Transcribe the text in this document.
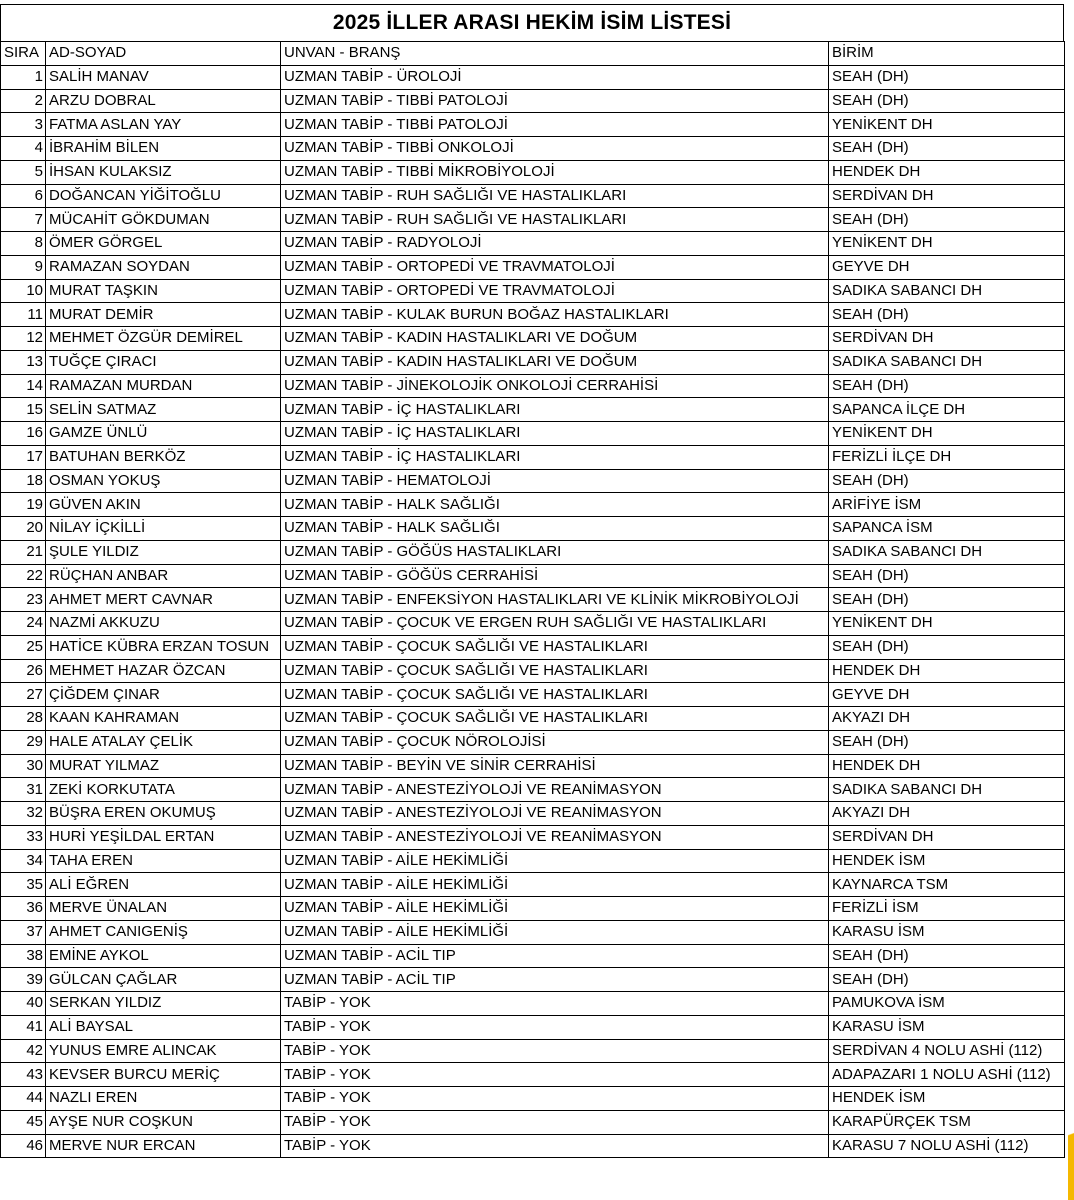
2025 İLLER ARASI HEKİM İSİM LİSTESİ
SIRA	AD-SOYAD	UNVAN - BRANŞ	BİRİM
1	SALİH MANAV	UZMAN TABİP - ÜROLOJİ	SEAH (DH)
2	ARZU DOBRAL	UZMAN TABİP - TIBBİ PATOLOJİ	SEAH (DH)
3	FATMA ASLAN YAY	UZMAN TABİP - TIBBİ PATOLOJİ	YENİKENT DH
4	İBRAHİM BİLEN	UZMAN TABİP - TIBBİ ONKOLOJİ	SEAH (DH)
5	İHSAN KULAKSIZ	UZMAN TABİP - TIBBİ MİKROBİYOLOJİ	HENDEK DH
6	DOĞANCAN YİĞİTOĞLU	UZMAN TABİP - RUH SAĞLIĞI VE HASTALIKLARI	SERDİVAN DH
7	MÜCAHİT GÖKDUMAN	UZMAN TABİP - RUH SAĞLIĞI VE HASTALIKLARI	SEAH (DH)
8	ÖMER GÖRGEL	UZMAN TABİP - RADYOLOJİ	YENİKENT DH
9	RAMAZAN SOYDAN	UZMAN TABİP - ORTOPEDİ VE TRAVMATOLOJİ	GEYVE DH
10	MURAT TAŞKIN	UZMAN TABİP - ORTOPEDİ VE TRAVMATOLOJİ	SADIKA SABANCI DH
11	MURAT DEMİR	UZMAN TABİP - KULAK BURUN BOĞAZ HASTALIKLARI	SEAH (DH)
12	MEHMET ÖZGÜR DEMİREL	UZMAN TABİP - KADIN HASTALIKLARI VE DOĞUM	SERDİVAN DH
13	TUĞÇE ÇIRACI	UZMAN TABİP - KADIN HASTALIKLARI VE DOĞUM	SADIKA SABANCI DH
14	RAMAZAN MURDAN	UZMAN TABİP - JİNEKOLOJİK ONKOLOJİ CERRAHİSİ	SEAH (DH)
15	SELİN SATMAZ	UZMAN TABİP - İÇ HASTALIKLARI	SAPANCA İLÇE DH
16	GAMZE ÜNLÜ	UZMAN TABİP - İÇ HASTALIKLARI	YENİKENT DH
17	BATUHAN BERKÖZ	UZMAN TABİP - İÇ HASTALIKLARI	FERİZLİ İLÇE DH
18	OSMAN YOKUŞ	UZMAN TABİP - HEMATOLOJİ	SEAH (DH)
19	GÜVEN AKIN	UZMAN TABİP - HALK SAĞLIĞI	ARİFİYE İSM
20	NİLAY İÇKİLLİ	UZMAN TABİP - HALK SAĞLIĞI	SAPANCA İSM
21	ŞULE YILDIZ	UZMAN TABİP - GÖĞÜS HASTALIKLARI	SADIKA SABANCI DH
22	RÜÇHAN ANBAR	UZMAN TABİP - GÖĞÜS CERRAHİSİ	SEAH (DH)
23	AHMET MERT CAVNAR	UZMAN TABİP - ENFEKSİYON HASTALIKLARI VE KLİNİK MİKROBİYOLOJİ	SEAH (DH)
24	NAZMİ AKKUZU	UZMAN TABİP - ÇOCUK VE ERGEN RUH SAĞLIĞI VE HASTALIKLARI	YENİKENT DH
25	HATİCE KÜBRA ERZAN TOSUN	UZMAN TABİP - ÇOCUK SAĞLIĞI VE HASTALIKLARI	SEAH (DH)
26	MEHMET HAZAR ÖZCAN	UZMAN TABİP - ÇOCUK SAĞLIĞI VE HASTALIKLARI	HENDEK DH
27	ÇİĞDEM ÇINAR	UZMAN TABİP - ÇOCUK SAĞLIĞI VE HASTALIKLARI	GEYVE DH
28	KAAN KAHRAMAN	UZMAN TABİP - ÇOCUK SAĞLIĞI VE HASTALIKLARI	AKYAZI DH
29	HALE ATALAY ÇELİK	UZMAN TABİP - ÇOCUK NÖROLOJİSİ	SEAH (DH)
30	MURAT YILMAZ	UZMAN TABİP - BEYİN VE SİNİR CERRAHİSİ	HENDEK DH
31	ZEKİ KORKUTATA	UZMAN TABİP - ANESTEZİYOLOJİ VE REANİMASYON	SADIKA SABANCI DH
32	BÜŞRA EREN OKUMUŞ	UZMAN TABİP - ANESTEZİYOLOJİ VE REANİMASYON	AKYAZI DH
33	HURİ YEŞİLDAL ERTAN	UZMAN TABİP - ANESTEZİYOLOJİ VE REANİMASYON	SERDİVAN DH
34	TAHA EREN	UZMAN TABİP - AİLE HEKİMLİĞİ	HENDEK İSM
35	ALİ EĞREN	UZMAN TABİP - AİLE HEKİMLİĞİ	KAYNARCA TSM
36	MERVE ÜNALAN	UZMAN TABİP - AİLE HEKİMLİĞİ	FERİZLİ İSM
37	AHMET CANIGENİŞ	UZMAN TABİP - AİLE HEKİMLİĞİ	KARASU İSM
38	EMİNE AYKOL	UZMAN TABİP - ACİL TIP	SEAH (DH)
39	GÜLCAN ÇAĞLAR	UZMAN TABİP - ACİL TIP	SEAH (DH)
40	SERKAN YILDIZ	TABİP - YOK	PAMUKOVA İSM
41	ALİ BAYSAL	TABİP - YOK	KARASU İSM
42	YUNUS EMRE ALINCAK	TABİP - YOK	SERDİVAN 4 NOLU ASHİ (112)
43	KEVSER BURCU MERİÇ	TABİP - YOK	ADAPAZARI 1 NOLU ASHİ (112)
44	NAZLI EREN	TABİP - YOK	HENDEK İSM
45	AYŞE NUR COŞKUN	TABİP - YOK	KARAPÜRÇEK TSM
46	MERVE NUR ERCAN	TABİP - YOK	KARASU 7 NOLU ASHİ (112)
